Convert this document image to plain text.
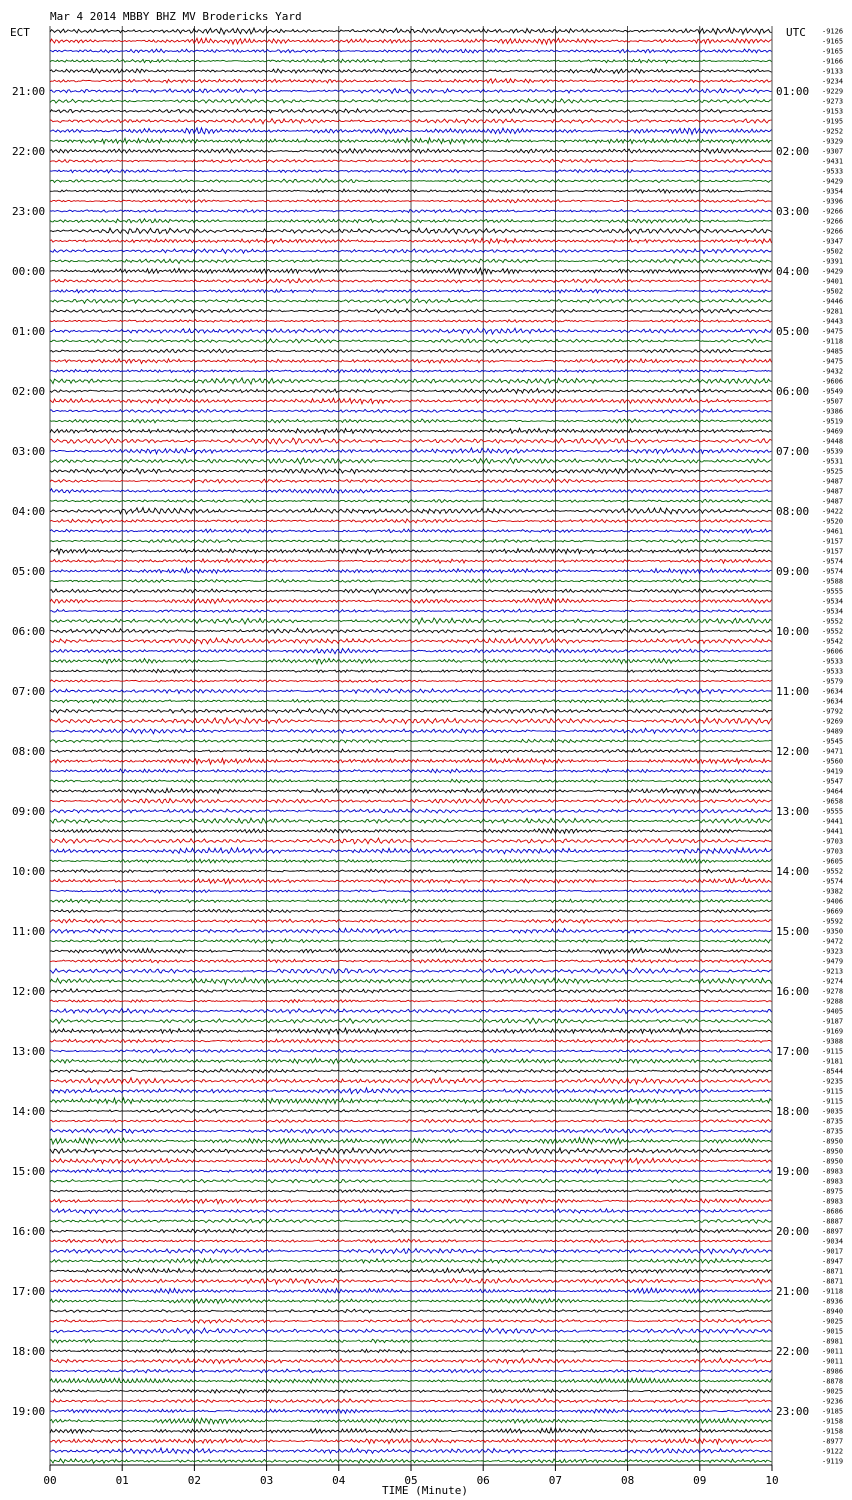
Mar 4 2014 MBBY BHZ MV Brodericks Yard
ECT	UTC
21:00
22:00
23:00
00:00
01:00
02:00
03:00
04:00
05:00
06:00
07:00
08:00
09:00
10:00
11:00
12:00
13:00
14:00
15:00
16:00
17:00
18:00
19:00
01:00
02:00
03:00
04:00
05:00
06:00
07:00
08:00
09:00
10:00
11:00
12:00
13:00
14:00
15:00
16:00
17:00
18:00
19:00
20:00
21:00
22:00
23:00
-9126
-9165
-9165
-9166
-9133
-9234
-9229
-9273
-9153
-9195
-9252
-9329
-9307
-9431
-9533
-9429
-9354
-9396
-9266
-9266
-9266
-9347
-9502
-9391
-9429
-9401
-9502
-9446
-9281
-9443
-9475
-9118
-9485
-9475
-9432
-9606
-9549
-9507
-9386
-9519
-9469
-9448
-9539
-9531
-9525
-9487
-9487
-9487
-9422
-9520
-9461
-9157
-9157
-9574
-9574
-9588
-9555
-9534
-9534
-9552
-9552
-9542
-9606
-9533
-9533
-9579
-9634
-9634
-9792
-9269
-9489
-9545
-9471
-9560
-9419
-9547
-9464
-9658
-9555
-9441
-9441
-9703
-9703
-9605
-9552
-9574
-9382
-9406
-9669
-9592
-9350
-9472
-9323
-9479
-9213
-9274
-9278
-9288
-9405
-9187
-9169
-9388
-9115
-9181
-8544
-9235
-9115
-9115
-9035
-8735
-8735
-8950
-8950
-8950
-8983
-8983
-8975
-8983
-8686
-8887
-8897
-9034
-9017
-8947
-8871
-8871
-9118
-8936
-8940
-9025
-9015
-8981
-9011
-9011
-8986
-8878
-9025
-9236
-9185
-9158
-9158
-8977
-9122
-9119
00	01	02	03	04	05	06	07	08	09	10
TIME (Minute)
